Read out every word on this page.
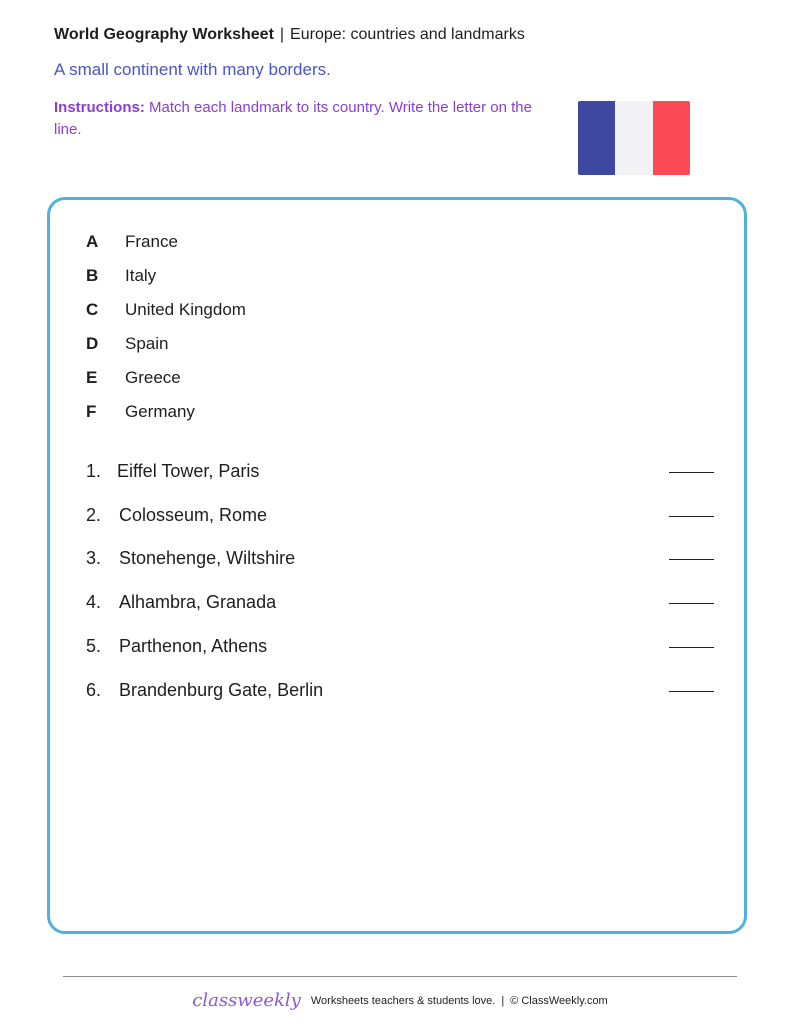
World Geography Worksheet | Europe: countries and landmarks
A small continent with many borders.
Instructions: Match each landmark to its country. Write the letter on the line.
A	France
B	Italy
C	United Kingdom
D	Spain
E	Greece
F	Germany
1. Eiffel Tower, Paris
2. Colosseum, Rome
3. Stonehenge, Wiltshire
4. Alhambra, Granada
5. Parthenon, Athens
6. Brandenburg Gate, Berlin
classweekly Worksheets teachers & students love. | © ClassWeekly.com
